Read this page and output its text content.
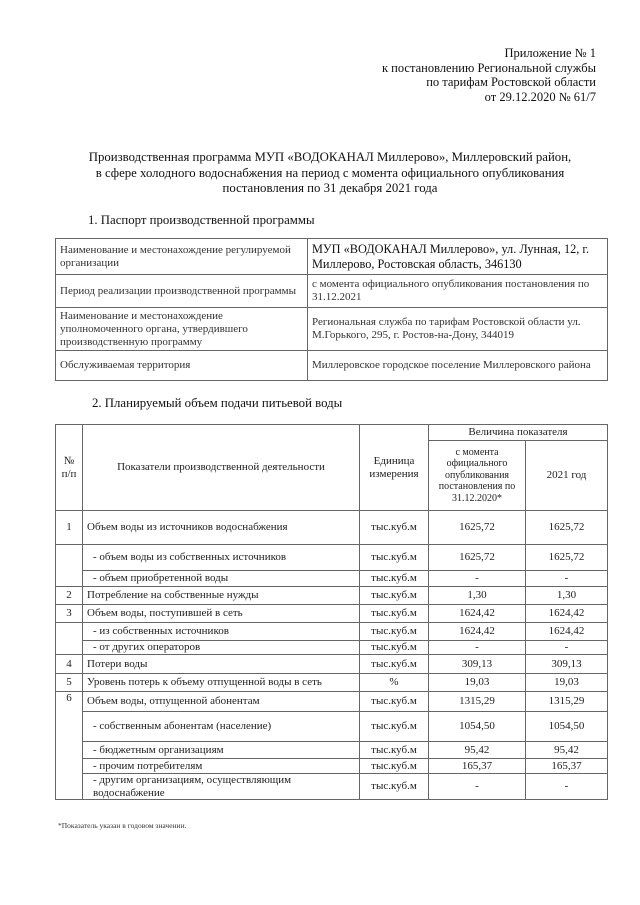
Приложение № 1
к постановлению Региональной службы
по тарифам Ростовской области
от 29.12.2020 № 61/7
Производственная программа МУП «ВОДОКАНАЛ Миллерово», Миллеровский район,
в сфере холодного водоснабжения на период с момента официального опубликования
постановления по 31 декабря 2021 года
1. Паспорт производственной программы
Наименование и местонахождение регулируемой организации	МУП «ВОДОКАНАЛ Миллерово», ул. Лунная, 12, г. Миллерово, Ростовская область, 346130
Период реализации производственной программы	с момента официального опубликования постановления по 31.12.2021
Наименование и местонахождение уполномоченного органа, утвердившего производственную программу	Региональная служба по тарифам Ростовской области ул. М.Горького, 295, г. Ростов-на-Дону, 344019
Обслуживаемая территория	Миллеровское городское поселение Миллеровского района
2. Планируемый объем подачи питьевой воды
№ п/п	Показатели производственной деятельности	Единица измерения	Величина показателя	
			с момента официального опубликования постановления по 31.12.2020*	2021 год
1	Объем воды из источников водоснабжения	тыс.куб.м	1625,72	1625,72
	- объем воды из собственных источников	тыс.куб.м	1625,72	1625,72
	- объем приобретенной воды	тыс.куб.м	-	-
2	Потребление на собственные нужды	тыс.куб.м	1,30	1,30
3	Объем воды, поступившей в сеть	тыс.куб.м	1624,42	1624,42
	- из собственных источников	тыс.куб.м	1624,42	1624,42
	- от других операторов	тыс.куб.м	-	-
4	Потери воды	тыс.куб.м	309,13	309,13
5	Уровень потерь к объему отпущенной воды в сеть	%	19,03	19,03
6	Объем воды, отпущенной абонентам	тыс.куб.м	1315,29	1315,29
	- собственным абонентам (население)	тыс.куб.м	1054,50	1054,50
	- бюджетным организациям	тыс.куб.м	95,42	95,42
	- прочим потребителям	тыс.куб.м	165,37	165,37
	- другим организациям, осуществляющим водоснабжение	тыс.куб.м	-	-
*Показатель указан в годовом значении.
